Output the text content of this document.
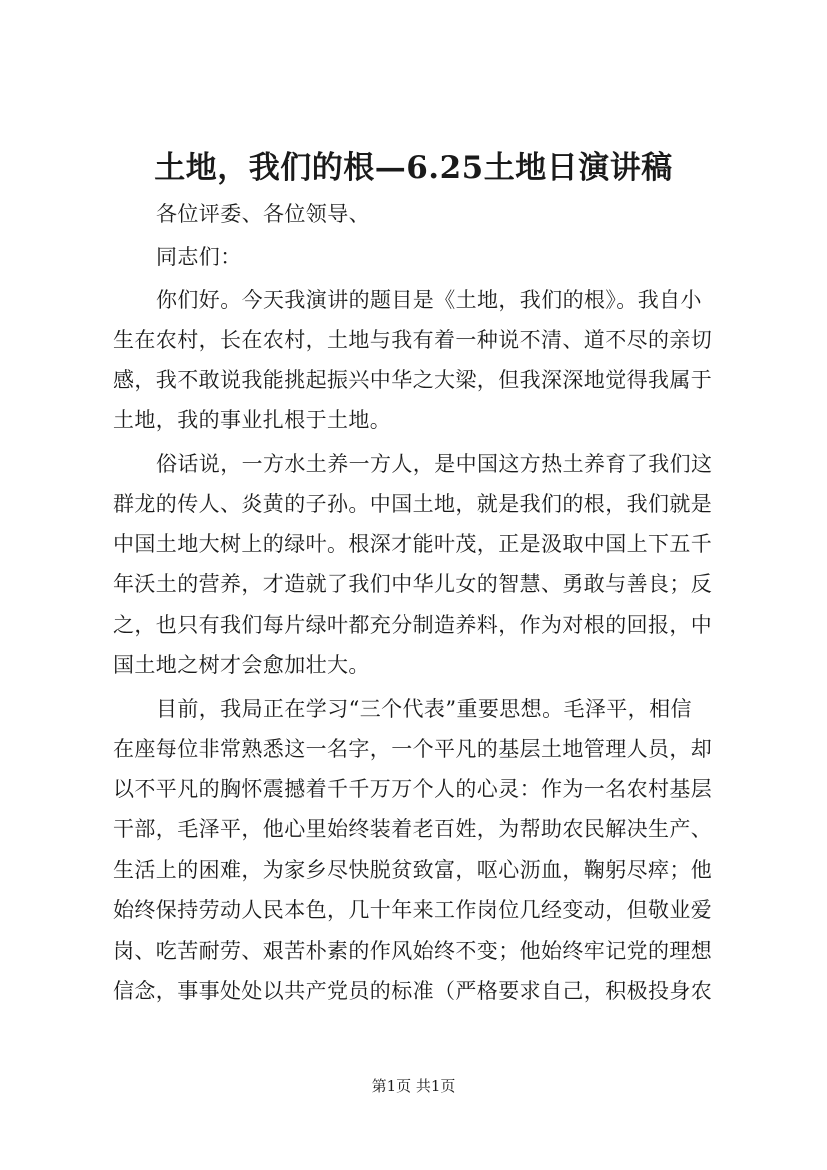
土地，我们的根—6.25土地日演讲稿
各位评委、各位领导、
同志们：
你们好。今天我演讲的题目是《土地，我们的根》。我自小
生在农村，长在农村，土地与我有着一种说不清、道不尽的亲切
感，我不敢说我能挑起振兴中华之大梁，但我深深地觉得我属于
土地，我的事业扎根于土地。
俗话说，一方水土养一方人，是中国这方热土养育了我们这
群龙的传人、炎黄的子孙。中国土地，就是我们的根，我们就是
中国土地大树上的绿叶。根深才能叶茂，正是汲取中国上下五千
年沃土的营养，才造就了我们中华儿女的智慧、勇敢与善良；反
之，也只有我们每片绿叶都充分制造养料，作为对根的回报，中
国土地之树才会愈加壮大。
目前，我局正在学习“三个代表”重要思想。毛泽平，相信
在座每位非常熟悉这一名字，一个平凡的基层土地管理人员，却
以不平凡的胸怀震撼着千千万万个人的心灵：作为一名农村基层
干部，毛泽平，他心里始终装着老百姓，为帮助农民解决生产、
生活上的困难，为家乡尽快脱贫致富，呕心沥血，鞠躬尽瘁；他
始终保持劳动人民本色，几十年来工作岗位几经变动，但敬业爱
岗、吃苦耐劳、艰苦朴素的作风始终不变；他始终牢记党的理想
信念，事事处处以共产党员的标准（严格要求自己，积极投身农
第1页 共1页
